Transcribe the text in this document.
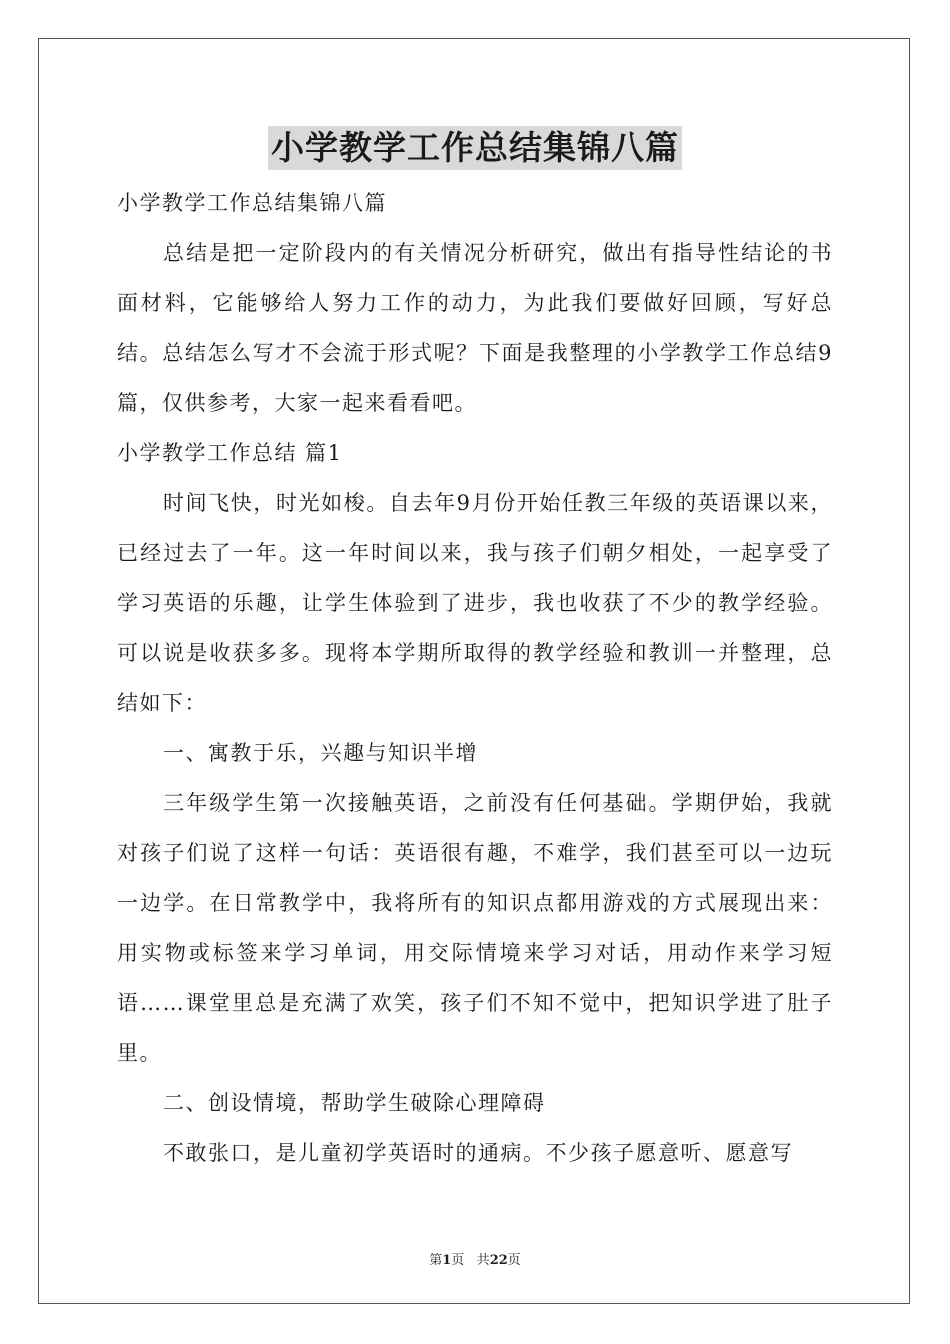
小学教学工作总结集锦八篇

小学教学工作总结集锦八篇

总结是把一定阶段内的有关情况分析研究，做出有指导性结论的书面材料，它能够给人努力工作的动力，为此我们要做好回顾，写好总结。总结怎么写才不会流于形式呢？下面是我整理的小学教学工作总结9篇，仅供参考，大家一起来看看吧。

小学教学工作总结 篇1

时间飞快，时光如梭。自去年9月份开始任教三年级的英语课以来，已经过去了一年。这一年时间以来，我与孩子们朝夕相处，一起享受了学习英语的乐趣，让学生体验到了进步，我也收获了不少的教学经验。可以说是收获多多。现将本学期所取得的教学经验和教训一并整理，总结如下：

一、寓教于乐，兴趣与知识半增

三年级学生第一次接触英语，之前没有任何基础。学期伊始，我就对孩子们说了这样一句话：英语很有趣，不难学，我们甚至可以一边玩一边学。在日常教学中，我将所有的知识点都用游戏的方式展现出来：用实物或标签来学习单词，用交际情境来学习对话，用动作来学习短语……课堂里总是充满了欢笑，孩子们不知不觉中，把知识学进了肚子里。

二、创设情境，帮助学生破除心理障碍

不敢张口，是儿童初学英语时的通病。不少孩子愿意听、愿意写

第1页 共22页
